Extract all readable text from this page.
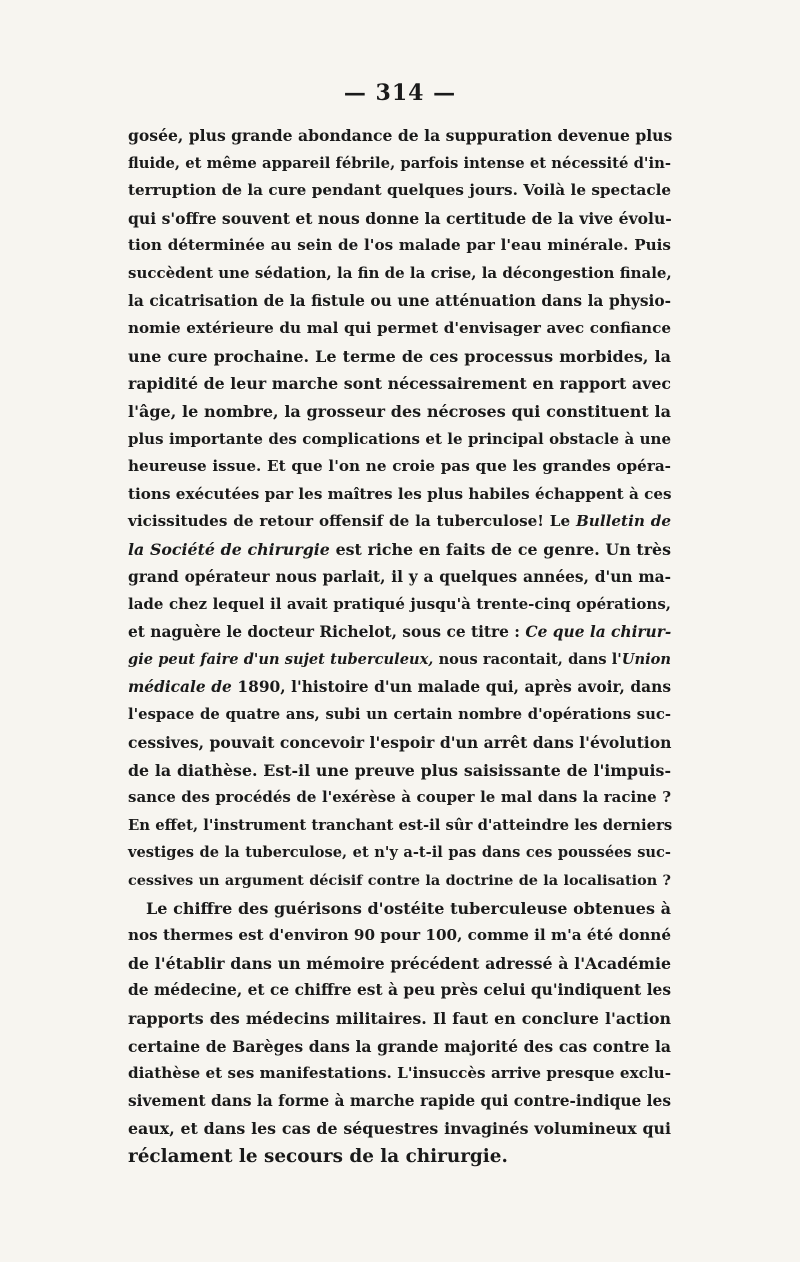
— 314 —
gosée, plus grande abondance de la suppuration devenue plus
fluide, et même appareil fébrile, parfois intense et nécessité d'in-
terruption de la cure pendant quelques jours. Voilà le spectacle
qui s'offre souvent et nous donne la certitude de la vive évolu-
tion déterminée au sein de l'os malade par l'eau minérale. Puis
succèdent une sédation, la fin de la crise, la décongestion finale,
la cicatrisation de la fistule ou une atténuation dans la physio-
nomie extérieure du mal qui permet d'envisager avec confiance
une cure prochaine. Le terme de ces processus morbides, la
rapidité de leur marche sont nécessairement en rapport avec
l'âge, le nombre, la grosseur des nécroses qui constituent la
plus importante des complications et le principal obstacle à une
heureuse issue. Et que l'on ne croie pas que les grandes opéra-
tions exécutées par les maîtres les plus habiles échappent à ces
vicissitudes de retour offensif de la tuberculose! Le Bulletin de
la Société de chirurgie est riche en faits de ce genre. Un très
grand opérateur nous parlait, il y a quelques années, d'un ma-
lade chez lequel il avait pratiqué jusqu'à trente-cinq opérations,
et naguère le docteur Richelot, sous ce titre : Ce que la chirur-
gie peut faire d'un sujet tuberculeux, nous racontait, dans l'Union
médicale de 1890, l'histoire d'un malade qui, après avoir, dans
l'espace de quatre ans, subi un certain nombre d'opérations suc-
cessives, pouvait concevoir l'espoir d'un arrêt dans l'évolution
de la diathèse. Est-il une preuve plus saisissante de l'impuis-
sance des procédés de l'exérèse à couper le mal dans la racine ?
En effet, l'instrument tranchant est-il sûr d'atteindre les derniers
vestiges de la tuberculose, et n'y a-t-il pas dans ces poussées suc-
cessives un argument décisif contre la doctrine de la localisation ?
Le chiffre des guérisons d'ostéite tuberculeuse obtenues à
nos thermes est d'environ 90 pour 100, comme il m'a été donné
de l'établir dans un mémoire précédent adressé à l'Académie
de médecine, et ce chiffre est à peu près celui qu'indiquent les
rapports des médecins militaires. Il faut en conclure l'action
certaine de Barèges dans la grande majorité des cas contre la
diathèse et ses manifestations. L'insuccès arrive presque exclu-
sivement dans la forme à marche rapide qui contre-indique les
eaux, et dans les cas de séquestres invaginés volumineux qui
réclament le secours de la chirurgie.
